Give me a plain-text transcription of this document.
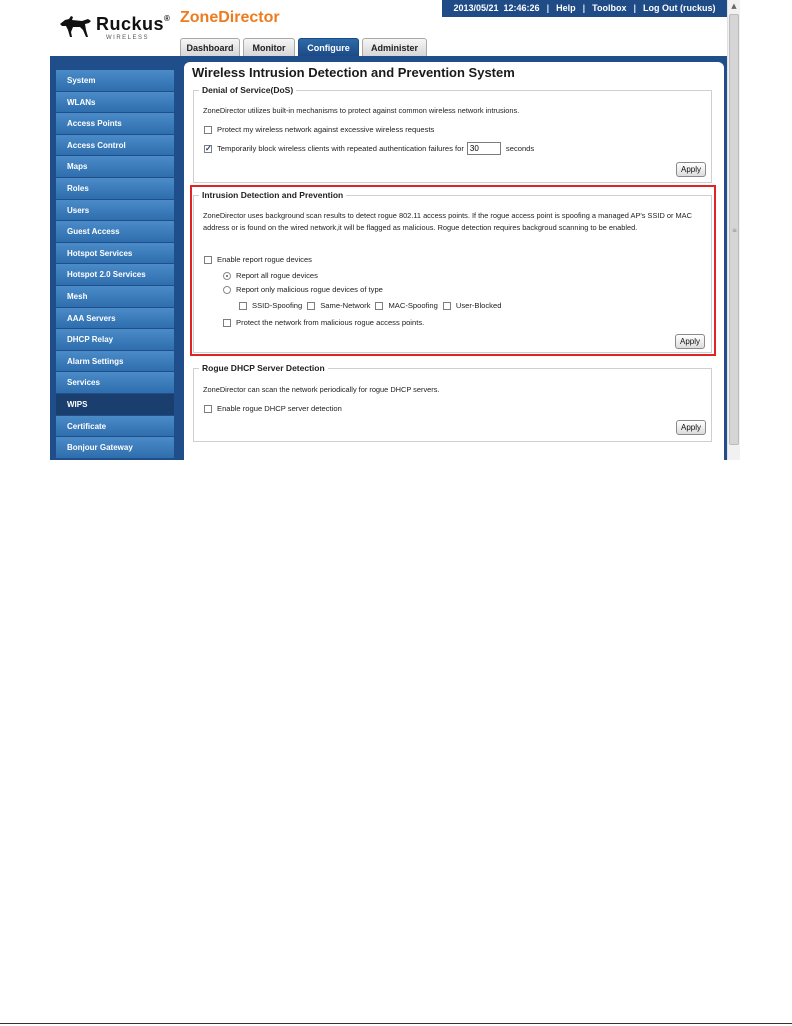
Ruckus®
WIRELESS
ZoneDirector
2013/05/21  12:46:26 | Help | Toolbox | Log Out (ruckus)
Dashboard	Monitor	Configure	Administer
System
WLANs
Access Points
Access Control
Maps
Roles
Users
Guest Access
Hotspot Services
Hotspot 2.0 Services
Mesh
AAA Servers
DHCP Relay
Alarm Settings
Services
WIPS
Certificate
Bonjour Gateway
Wireless Intrusion Detection and Prevention System
Denial of Service(DoS)
ZoneDirector utilizes built-in mechanisms to protect against common wireless network intrusions.
Protect my wireless network against excessive wireless requests
✓
Temporarily block wireless clients with repeated authentication failures for
30	seconds
Apply
Intrusion Detection and Prevention
ZoneDirector uses background scan results to detect rogue 802.11 access points. If the rogue access point is spoofing a managed AP's SSID or MAC address or is found on the wired network,it will be flagged as malicious. Rogue detection requires backgroud scanning to be enabled.
Enable report rogue devices
Report all rogue devices
Report only malicious rogue devices of type
SSID-Spoofing Same-Network MAC-Spoofing User-Blocked
Protect the network from malicious rogue access points.
Apply
Rogue DHCP Server Detection
ZoneDirector can scan the network periodically for rogue DHCP servers.
Enable rogue DHCP server detection
Apply
▲
≡
